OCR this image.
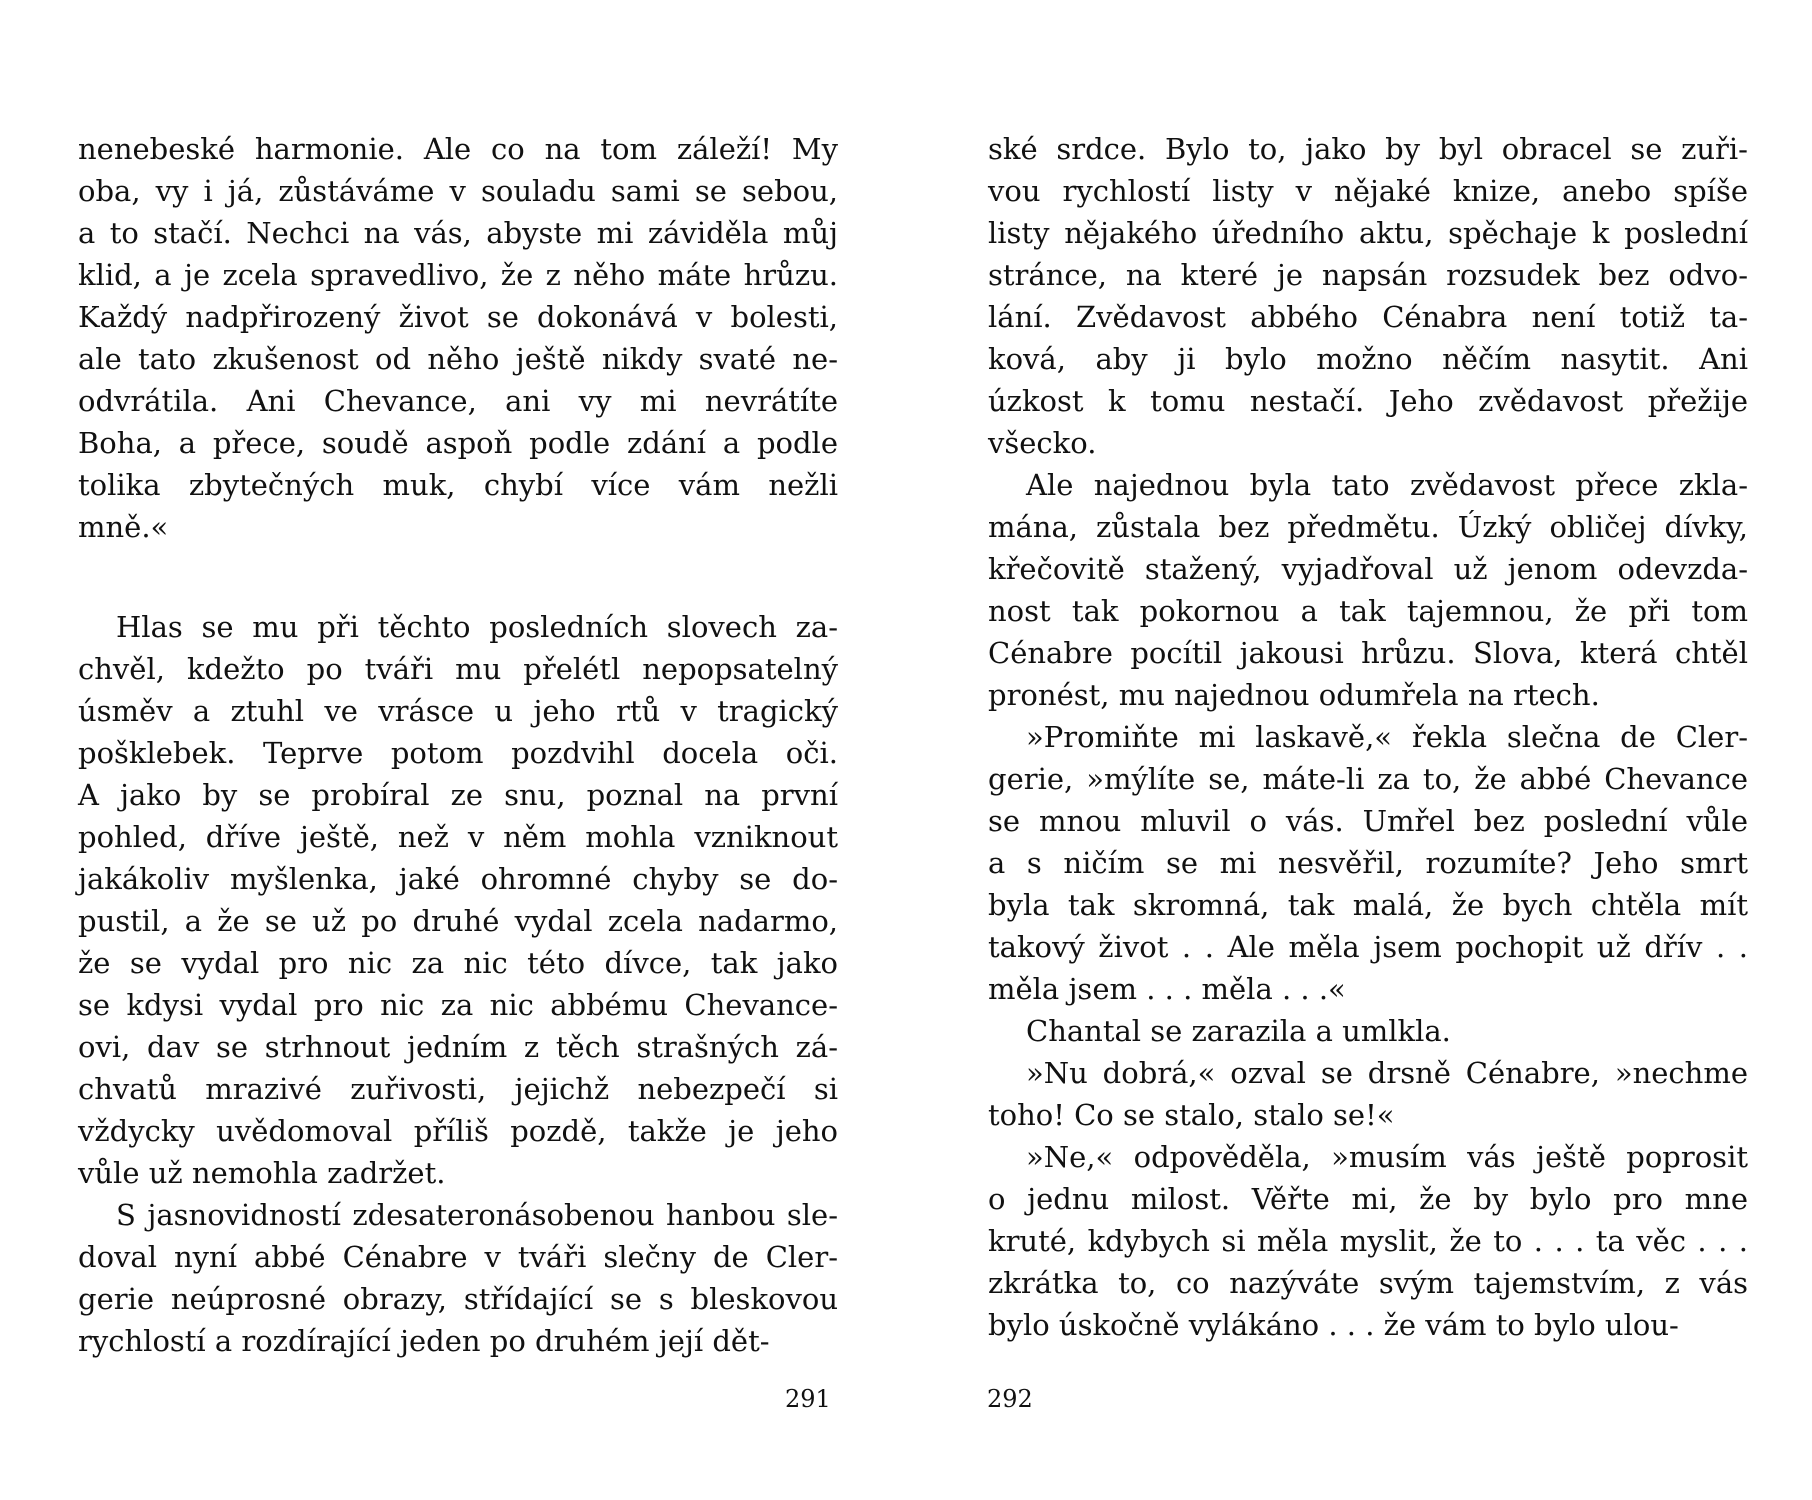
nenebeské harmonie. Ale co na tom záleží! My
oba, vy i já, zůstáváme v souladu sami se sebou,
a to stačí. Nechci na vás, abyste mi záviděla můj
klid, a je zcela spravedlivo, že z něho máte hrůzu.
Každý nadpřirozený život se dokonává v bolesti,
ale tato zkušenost od něho ještě nikdy svaté ne-
odvrátila. Ani Chevance, ani vy mi nevrátíte
Boha, a přece, soudě aspoň podle zdání a podle
tolika zbytečných muk, chybí více vám nežli
mně.«
Hlas se mu při těchto posledních slovech za-
chvěl, kdežto po tváři mu přelétl nepopsatelný
úsměv a ztuhl ve vrásce u jeho rtů v tragický
pošklebek. Teprve potom pozdvihl docela oči.
A jako by se probíral ze snu, poznal na první
pohled, dříve ještě, než v něm mohla vzniknout
jakákoliv myšlenka, jaké ohromné chyby se do-
pustil, a že se už po druhé vydal zcela nadarmo,
že se vydal pro nic za nic této dívce, tak jako
se kdysi vydal pro nic za nic abbému Chevance-
ovi, dav se strhnout jedním z těch strašných zá-
chvatů mrazivé zuřivosti, jejichž nebezpečí si
vždycky uvědomoval příliš pozdě, takže je jeho
vůle už nemohla zadržet.
S jasnovidností zdesateronásobenou hanbou sle-
doval nyní abbé Cénabre v tváři slečny de Cler-
gerie neúprosné obrazy, střídající se s bleskovou
rychlostí a rozdírající jeden po druhém její dět-
291
ské srdce. Bylo to, jako by byl obracel se zuři-
vou rychlostí listy v nějaké knize, anebo spíše
listy nějakého úředního aktu, spěchaje k poslední
stránce, na které je napsán rozsudek bez odvo-
lání. Zvědavost abbého Cénabra není totiž ta-
ková, aby ji bylo možno něčím nasytit. Ani
úzkost k tomu nestačí. Jeho zvědavost přežije
všecko.
Ale najednou byla tato zvědavost přece zkla-
mána, zůstala bez předmětu. Úzký obličej dívky,
křečovitě stažený, vyjadřoval už jenom odevzda-
nost tak pokornou a tak tajemnou, že při tom
Cénabre pocítil jakousi hrůzu. Slova, která chtěl
pronést, mu najednou odumřela na rtech.
»Promiňte mi laskavě,« řekla slečna de Cler-
gerie, »mýlíte se, máte-li za to, že abbé Chevance
se mnou mluvil o vás. Umřel bez poslední vůle
a s ničím se mi nesvěřil, rozumíte? Jeho smrt
byla tak skromná, tak malá, že bych chtěla mít
takový život . . Ale měla jsem pochopit už dřív . .
měla jsem . . . měla . . .«
Chantal se zarazila a umlkla.
»Nu dobrá,« ozval se drsně Cénabre, »nechme
toho! Co se stalo, stalo se!«
»Ne,« odpověděla, »musím vás ještě poprosit
o jednu milost. Věřte mi, že by bylo pro mne
kruté, kdybych si měla myslit, že to . . . ta věc . . .
zkrátka to, co nazýváte svým tajemstvím, z vás
bylo úskočně vylákáno . . . že vám to bylo ulou-
292
